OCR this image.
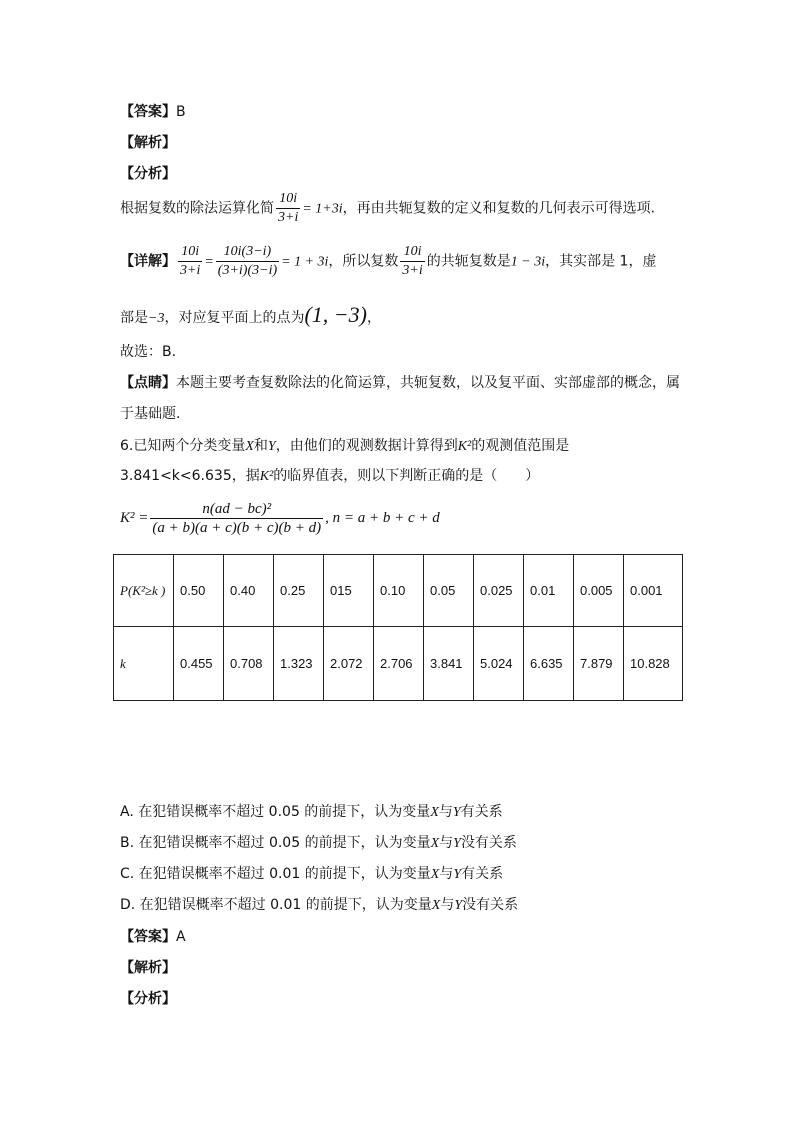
【答案】B
【解析】
【分析】
根据复数的除法运算化简 $\frac{10i}{3+i} = 1+3i$，再由共轭复数的定义和复数的几何表示可得选项.
【详解】 $\frac{10i}{3+i} = \frac{10i(3-i)}{(3+i)(3-i)} = 1 + 3i$，所以复数 $\frac{10i}{3+i}$ 的共轭复数是1 − 3i，其实部是 1，虚
部是−3，对应复平面上的点为(1, −3)，
故选：B.
【点睛】本题主要考查复数除法的化简运算，共轭复数，以及复平面、实部虚部的概念，属
于基础题.
6.已知两个分类变量X和Y，由他们的观测数据计算得到K²的观测值范围是
3.841<k<6.635，据K²的临界值表，则以下判断正确的是（　　）
$K^2 = \frac{\text{n(ad − bc)²}}{(a + b)(a + c)(b + c)(b + d)}$ , n = a + b + c + d
P(K²≥k )	0.50	0.40	0.25	015	0.10	0.05	0.025	0.01	0.005	0.001
k	0.455	0.708	1.323	2.072	2.706	3.841	5.024	6.635	7.879	10.828
A. 在犯错误概率不超过 0.05 的前提下，认为变量X与Y有关系
B. 在犯错误概率不超过 0.05 的前提下，认为变量X与Y没有关系
C. 在犯错误概率不超过 0.01 的前提下，认为变量X与Y有关系
D. 在犯错误概率不超过 0.01 的前提下，认为变量X与Y没有关系
【答案】A
【解析】
【分析】
